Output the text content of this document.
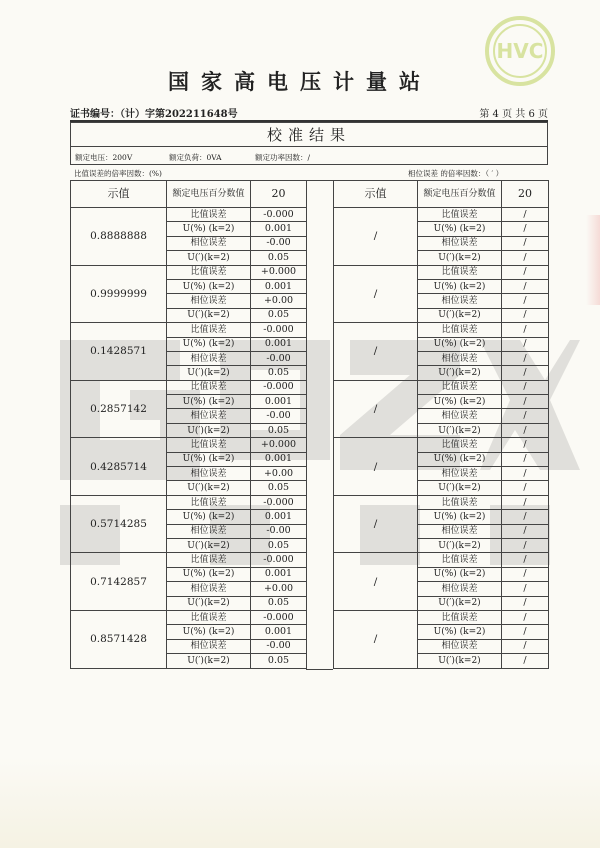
HVC
国家高电压计量站
证书编号：（计）字第202211648号	第 4 页 共 6 页
校准结果
额定电压：200V	额定负荷：0VA	额定功率因数：/
比值误差的倍率因数：(%)	相位误差 的倍率因数：（ ′ ）
示值	额定电压百分数值	20
0.8888888	比值误差	-0.000
	U(%) (k=2)	0.001
	相位误差	-0.00
	U(′)(k=2)	0.05
0.9999999	比值误差	+0.000
	U(%) (k=2)	0.001
	相位误差	+0.00
	U(′)(k=2)	0.05
0.1428571	比值误差	-0.000
	U(%) (k=2)	0.001
	相位误差	-0.00
	U(′)(k=2)	0.05
0.2857142	比值误差	-0.000
	U(%) (k=2)	0.001
	相位误差	-0.00
	U(′)(k=2)	0.05
0.4285714	比值误差	+0.000
	U(%) (k=2)	0.001
	相位误差	+0.00
	U(′)(k=2)	0.05
0.5714285	比值误差	-0.000
	U(%) (k=2)	0.001
	相位误差	-0.00
	U(′)(k=2)	0.05
0.7142857	比值误差	-0.000
	U(%) (k=2)	0.001
	相位误差	+0.00
	U(′)(k=2)	0.05
0.8571428	比值误差	-0.000
	U(%) (k=2)	0.001
	相位误差	-0.00
	U(′)(k=2)	0.05
示值	额定电压百分数值	20
/	比值误差	/
	U(%) (k=2)	/
	相位误差	/
	U(′)(k=2)	/
/	比值误差	/
	U(%) (k=2)	/
	相位误差	/
	U(′)(k=2)	/
/	比值误差	/
	U(%) (k=2)	/
	相位误差	/
	U(′)(k=2)	/
/	比值误差	/
	U(%) (k=2)	/
	相位误差	/
	U(′)(k=2)	/
/	比值误差	/
	U(%) (k=2)	/
	相位误差	/
	U(′)(k=2)	/
/	比值误差	/
	U(%) (k=2)	/
	相位误差	/
	U(′)(k=2)	/
/	比值误差	/
	U(%) (k=2)	/
	相位误差	/
	U(′)(k=2)	/
/	比值误差	/
	U(%) (k=2)	/
	相位误差	/
	U(′)(k=2)	/
